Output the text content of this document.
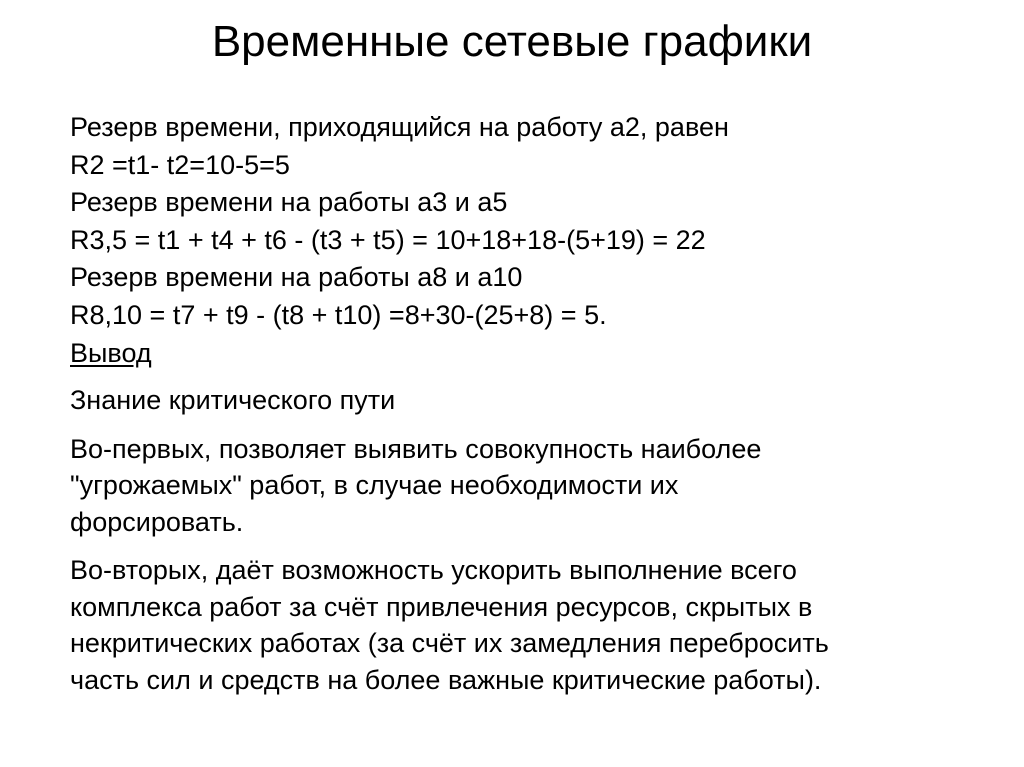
Временные сетевые графики
Резерв времени, приходящийся на работу a2, равен
R2 =t1- t2=10-5=5
Резерв времени на работы a3 и a5
R3,5 = t1 + t4 + t6 - (t3 + t5) = 10+18+18-(5+19) = 22
Резерв времени на работы a8 и a10
R8,10 = t7 + t9 - (t8 + t10) =8+30-(25+8) = 5.
Вывод
Знание критического пути
Во-первых, позволяет выявить совокупность наиболее
"угрожаемых" работ, в случае необходимости их
форсировать.
Во-вторых, даёт возможность ускорить выполнение всего
комплекса работ за счёт привлечения ресурсов, скрытых в
некритических работах (за счёт их замедления перебросить
часть сил и средств на более важные критические работы).
